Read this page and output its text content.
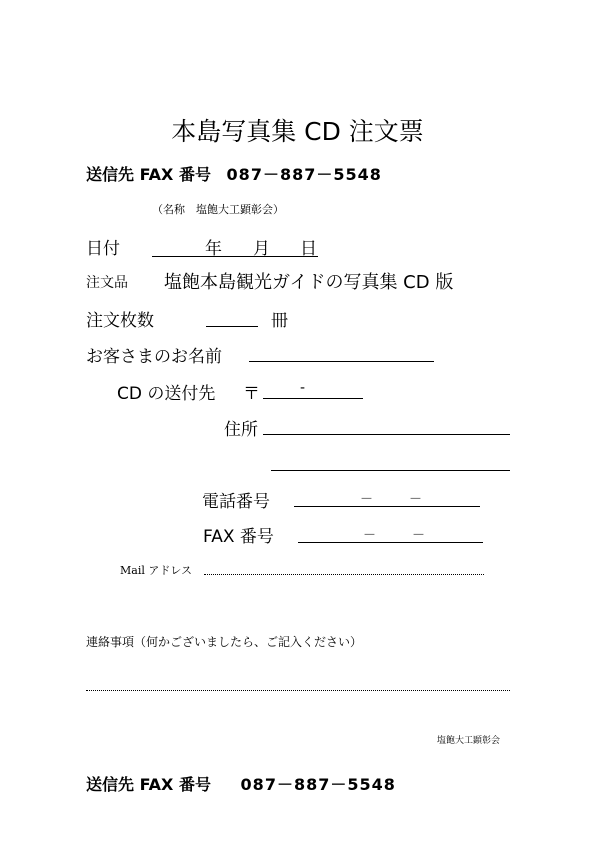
本島写真集 CD 注文票
送信先 FAX 番号 087－887－5548
（名称　塩飽大工顕彰会）
日付	年 月 日
注文品 塩飽本島観光ガイドの写真集 CD 版
注文枚数	冊
お客さまのお名前
CD の送付先 〒	-
住所
電話番号	－	－
FAX 番号	－	－
Mail アドレス
連絡事項（何かございましたら、ご記入ください）
塩飽大工顕彰会
送信先 FAX 番号 087－887－5548
